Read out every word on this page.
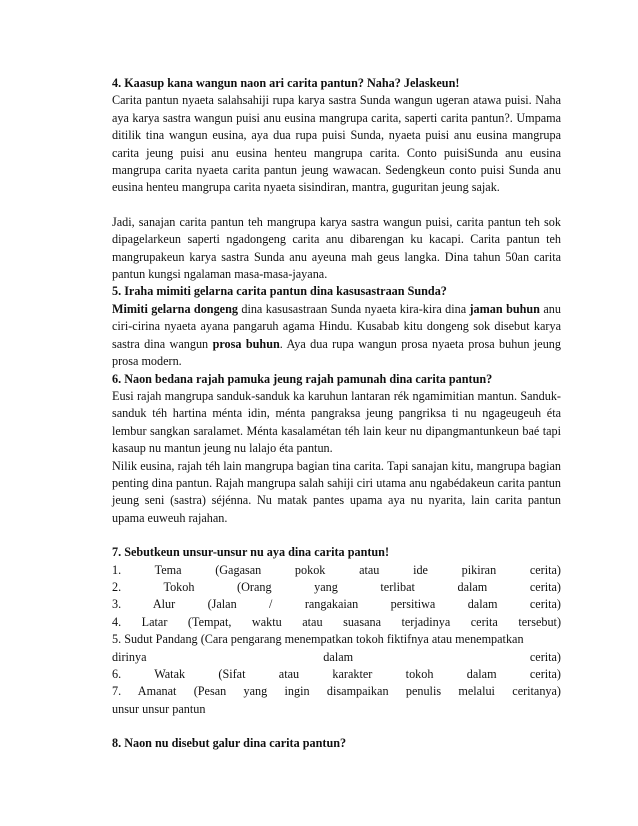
4. Kaasup kana wangun naon ari carita pantun? Naha? Jelaskeun!
Carita pantun nyaeta salahsahiji rupa karya sastra Sunda wangun ugeran atawa puisi. Naha aya karya sastra wangun puisi anu eusina mangrupa carita, saperti carita pantun?. Umpama ditilik tina wangun eusina, aya dua rupa puisi Sunda, nyaeta puisi anu eusina mangrupa carita jeung puisi anu eusina henteu mangrupa carita. Conto puisiSunda anu eusina mangrupa carita nyaeta carita pantun jeung wawacan. Sedengkeun conto puisi Sunda anu eusina henteu mangrupa carita nyaeta sisindiran, mantra, guguritan jeung sajak.
Jadi, sanajan carita pantun teh mangrupa karya sastra wangun puisi, carita pantun teh sok dipagelarkeun saperti ngadongeng carita anu dibarengan ku kacapi. Carita pantun teh mangrupakeun karya sastra Sunda anu ayeuna mah geus langka. Dina tahun 50an carita pantun kungsi ngalaman masa-masa-jayana.
5. Iraha mimiti gelarna carita pantun dina kasusastraan Sunda?
Mimiti gelarna dongeng dina kasusastraan Sunda nyaeta kira-kira dina jaman buhun anu ciri-cirina nyaeta ayana pangaruh agama Hindu. Kusabab kitu dongeng sok disebut karya sastra dina wangun prosa buhun. Aya dua rupa wangun prosa nyaeta prosa buhun jeung prosa modern.
6. Naon bedana rajah pamuka jeung rajah pamunah dina carita pantun?
Eusi rajah mangrupa sanduk-sanduk ka karuhun lantaran rék ngamimitian mantun. Sanduk-sanduk téh hartina ménta idin, ménta pangraksa jeung pangriksa ti nu ngageugeuh éta lembur sangkan saralamet. Ménta kasalamétan téh lain keur nu dipangmantunkeun baé tapi kasaup nu mantun jeung nu lalajo éta pantun.
Nilik eusina, rajah téh lain mangrupa bagian tina carita. Tapi sanajan kitu, mangrupa bagian penting dina pantun. Rajah mangrupa salah sahiji ciri utama anu ngabédakeun carita pantun jeung seni (sastra) séjénna. Nu matak pantes upama aya nu nyarita, lain carita pantun upama euweuh rajahan.
7. Sebutkeun unsur-unsur nu aya dina carita pantun!
1. Tema (Gagasan pokok atau ide pikiran cerita)
2. Tokoh (Orang yang terlibat dalam cerita)
3. Alur (Jalan / rangakaian persitiwa dalam cerita)
4. Latar (Tempat, waktu atau suasana terjadinya cerita tersebut)
5. Sudut Pandang (Cara pengarang menempatkan tokoh fiktifnya atau menempatkan
dirinya dalam cerita)
6. Watak (Sifat atau karakter tokoh dalam cerita)
7. Amanat (Pesan yang ingin disampaikan penulis melalui ceritanya)
unsur unsur pantun
8. Naon nu disebut galur dina carita pantun?
